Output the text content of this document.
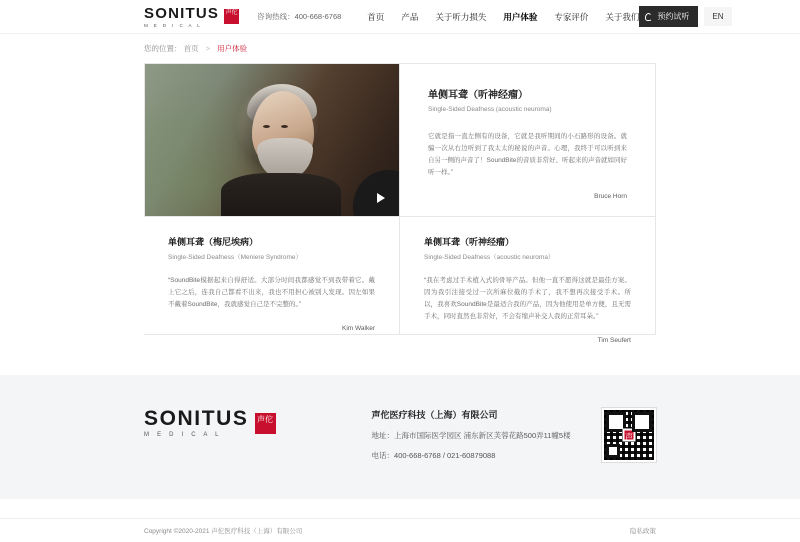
SONITUS
M E D I C A L
声佗	咨询热线：400-668-6768	首页 产品 关于听力损失 用户体验 专家评价 关于我们	预约试听	EN
您的位置： 首页 > 用户体验
单侧耳聋（听神经瘤）
Single-Sided Deafness (acoustic neuroma)
它就是指一直左侧有的设备，它就是我听期间的小石路形的设备。就骗一次从右边听到了我太太的秘说的声音。心理，我终于可以听到来自另一侧的声音了！SoundBite的音质非常好、听起来的声音就如同好听一样。”
Bruce Horn
单侧耳聋（梅尼埃病）
Single-Sided Deafness（Meniere Syndrome）
“SoundBite模据起来自得舒适。大部分时间我都感觉不到我带着它。戴上它之后，连我自己都看不出来，我也不用担心被别人发现。因左如果不戴着SoundBite，我就感觉自己是不完整的。”
Kim Walker
单侧耳聋（听神经瘤）
Single-Sided Deafness（acoustic neuroma）
“我在考虑过手术植入式的骨导产品。但他一直不愿得这就是最佳方案。因为我引注接受过一次所麻位截的手术了，我不想再次接受手术。所以，我喜欢SoundBite是最适合我的产品，因为他使用是单方便，且无需手术，同时直然也非常好，不会有缩声补交人我的正常耳朵。”
Tim Seufert
SONITUS
M E D I C A L
声佗	声佗医疗科技（上海）有限公司
地址：上海市国际医学园区 浦东新区芙蓉花路500弄11幢5楼
电话：400-668-6768 / 021-60879088
声
Copyright ©2020-2021 声佗医疗科技（上海）有限公司	隐私政策
